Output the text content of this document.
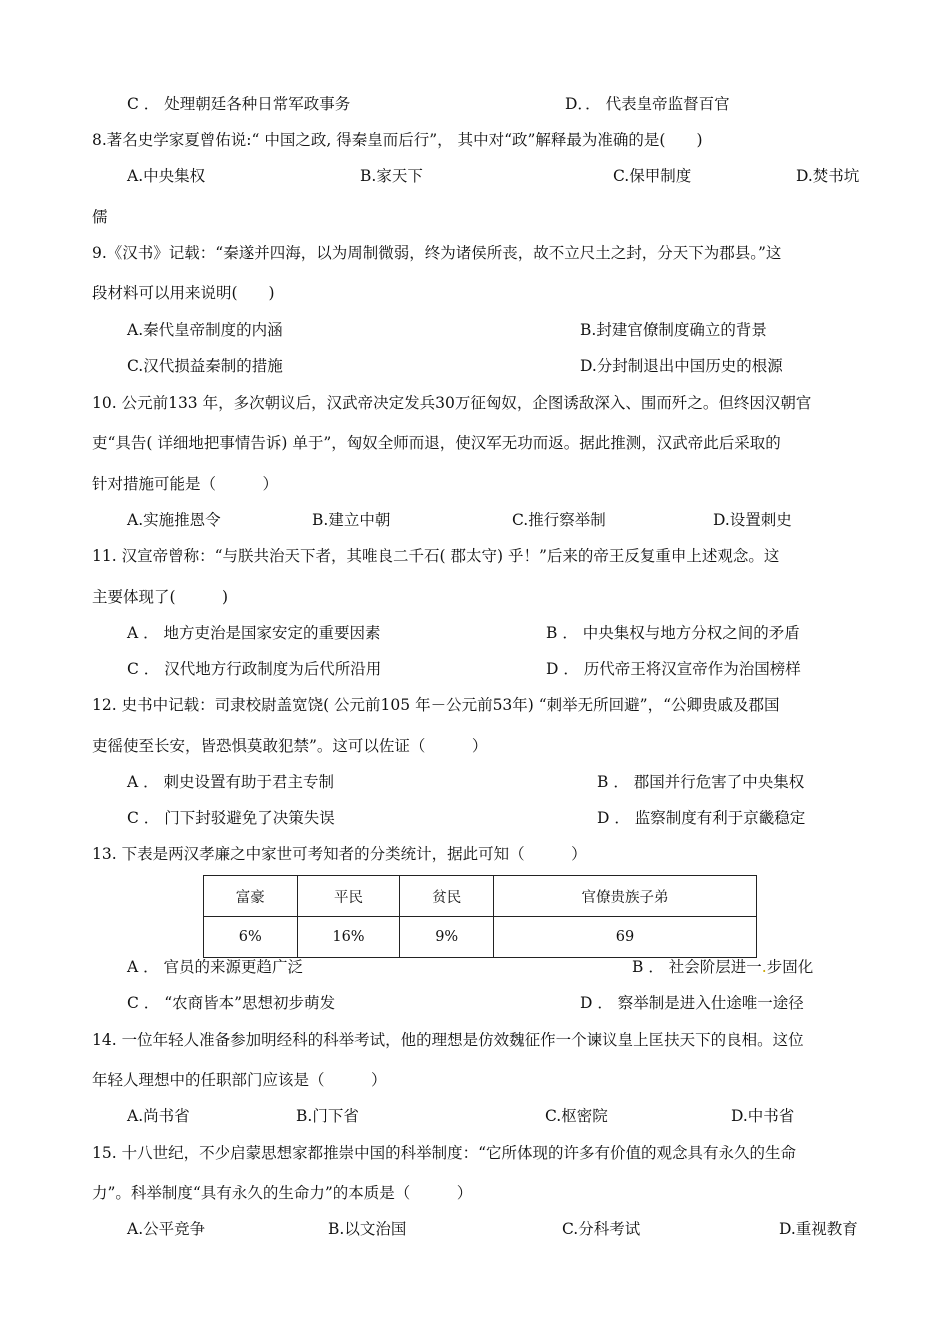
C ． 处理朝廷各种日常军政事务	D．． 代表皇帝监督百官
8.著名史学家夏曾佑说:“ 中国之政, 得秦皇而后行”， 其中对“政”解释最为准确的是(　　)
A.中央集权	B.家天下	C.保甲制度	D.焚书坑
儒
9.《汉书》记载：“秦遂并四海，以为周制微弱，终为诸侯所丧，故不立尺土之封，分天下为郡县。”这
段材料可以用来说明(　　)
A.秦代皇帝制度的内涵	B.封建官僚制度确立的背景
C.汉代损益秦制的措施	D.分封制退出中国历史的根源
10. 公元前133 年，多次朝议后，汉武帝决定发兵30万征匈奴，企图诱敌深入、围而歼之。但终因汉朝官
吏“具告( 详细地把事情告诉) 单于”，匈奴全师而退，使汉军无功而返。据此推测，汉武帝此后采取的
针对措施可能是（　　　）
A.实施推恩令	B.建立中朝	C.推行察举制	D.设置刺史
11. 汉宣帝曾称：“与朕共治天下者，其唯良二千石( 郡太守) 乎！”后来的帝王反复重申上述观念。这
主要体现了(　　　)
A ． 地方吏治是国家安定的重要因素	B ． 中央集权与地方分权之间的矛盾
C ． 汉代地方行政制度为后代所沿用	D ． 历代帝王将汉宣帝作为治国榜样
12. 史书中记载：司隶校尉盖宽饶( 公元前105 年－公元前53年) “刺举无所回避”，“公卿贵戚及郡国
吏徭使至长安，皆恐惧莫敢犯禁”。这可以佐证（　　　）
A ． 刺史设置有助于君主专制	B ． 郡国并行危害了中央集权
C ． 门下封驳避免了决策失误	D ． 监察制度有利于京畿稳定
13. 下表是两汉孝廉之中家世可考知者的分类统计，据此可知（　　　）
富豪	平民	贫民	官僚贵族子弟
6%	16%	9%	69
A ． 官员的来源更趋广泛	B ． 社会阶层进一.步固化
C ． “农商皆本”思想初步萌发	D ． 察举制是进入仕途唯一途径
14. 一位年轻人准备参加明经科的科举考试，他的理想是仿效魏征作一个谏议皇上匡扶天下的良相。这位
年轻人理想中的任职部门应该是（　　　）
A.尚书省	B.门下省	C.枢密院	D.中书省
15. 十八世纪，不少启蒙思想家都推崇中国的科举制度：“它所体现的许多有价值的观念具有永久的生命
力”。科举制度“具有永久的生命力”的本质是（　　　）
A.公平竞争	B.以文治国	C.分科考试	D.重视教育
